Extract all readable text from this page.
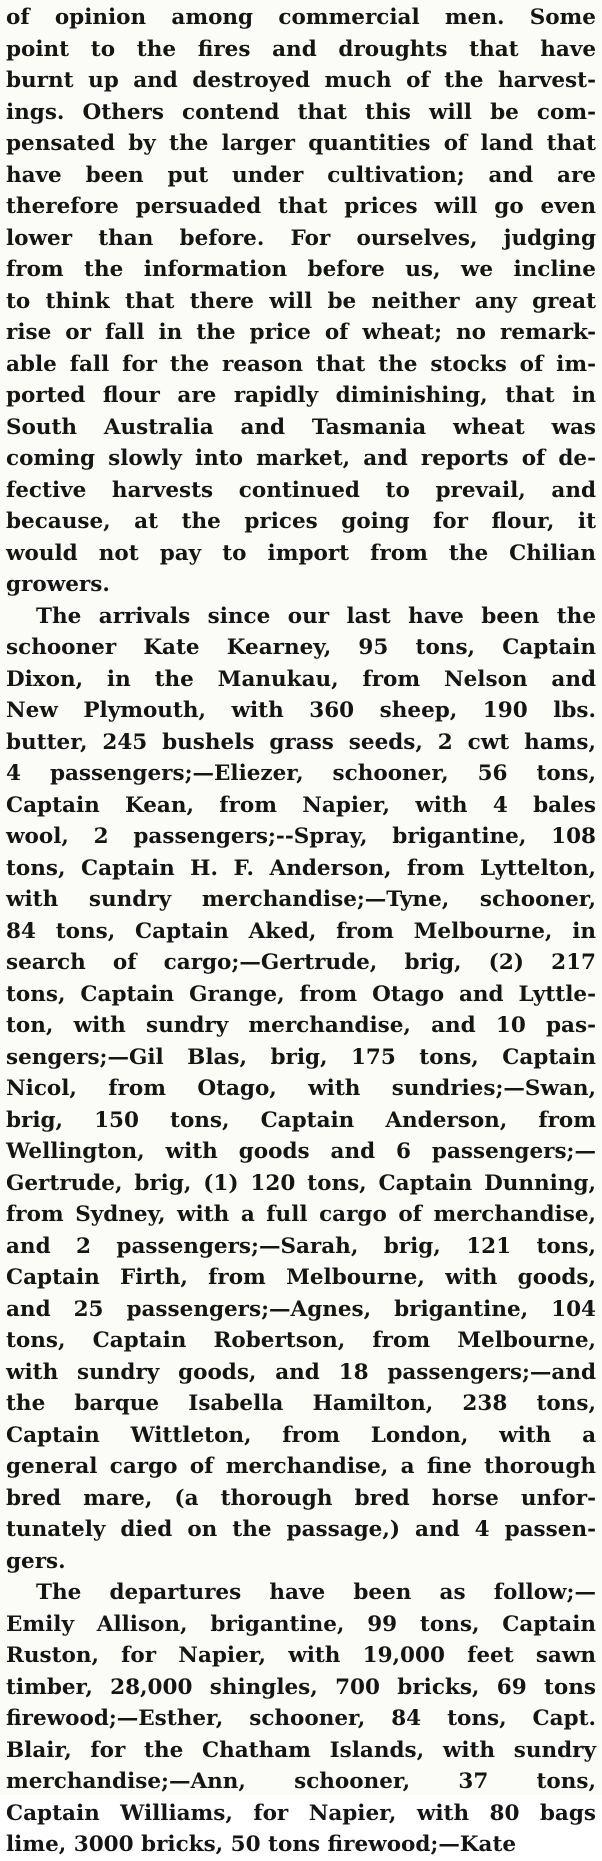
of opinion among commercial men. Some
point to the fires and droughts that have
burnt up and destroyed much of the harvest-
ings. Others contend that this will be com-
pensated by the larger quantities of land that
have been put under cultivation; and are
therefore persuaded that prices will go even
lower than before. For ourselves, judging
from the information before us, we incline
to think that there will be neither any great
rise or fall in the price of wheat; no remark-
able fall for the reason that the stocks of im-
ported flour are rapidly diminishing, that in
South Australia and Tasmania wheat was
coming slowly into market, and reports of de-
fective harvests continued to prevail, and
because, at the prices going for flour, it
would not pay to import from the Chilian
growers.
The arrivals since our last have been the
schooner Kate Kearney, 95 tons, Captain
Dixon, in the Manukau, from Nelson and
New Plymouth, with 360 sheep, 190 lbs.
butter, 245 bushels grass seeds, 2 cwt hams,
4 passengers;—Eliezer, schooner, 56 tons,
Captain Kean, from Napier, with 4 bales
wool, 2 passengers;--Spray, brigantine, 108
tons, Captain H. F. Anderson, from Lyttelton,
with sundry merchandise;—Tyne, schooner,
84 tons, Captain Aked, from Melbourne, in
search of cargo;—Gertrude, brig, (2) 217
tons, Captain Grange, from Otago and Lyttle-
ton, with sundry merchandise, and 10 pas-
sengers;—Gil Blas, brig, 175 tons, Captain
Nicol, from Otago, with sundries;—Swan,
brig, 150 tons, Captain Anderson, from
Wellington, with goods and 6 passengers;—
Gertrude, brig, (1) 120 tons, Captain Dunning,
from Sydney, with a full cargo of merchandise,
and 2 passengers;—Sarah, brig, 121 tons,
Captain Firth, from Melbourne, with goods,
and 25 passengers;—Agnes, brigantine, 104
tons, Captain Robertson, from Melbourne,
with sundry goods, and 18 passengers;—and
the barque Isabella Hamilton, 238 tons,
Captain Wittleton, from London, with a
general cargo of merchandise, a fine thorough
bred mare, (a thorough bred horse unfor-
tunately died on the passage,) and 4 passen-
gers.
The departures have been as follow;—
Emily Allison, brigantine, 99 tons, Captain
Ruston, for Napier, with 19,000 feet sawn
timber, 28,000 shingles, 700 bricks, 69 tons
firewood;—Esther, schooner, 84 tons, Capt.
Blair, for the Chatham Islands, with sundry
merchandise;—Ann, schooner, 37 tons,
Captain Williams, for Napier, with 80 bags
lime, 3000 bricks, 50 tons firewood;—Kate
